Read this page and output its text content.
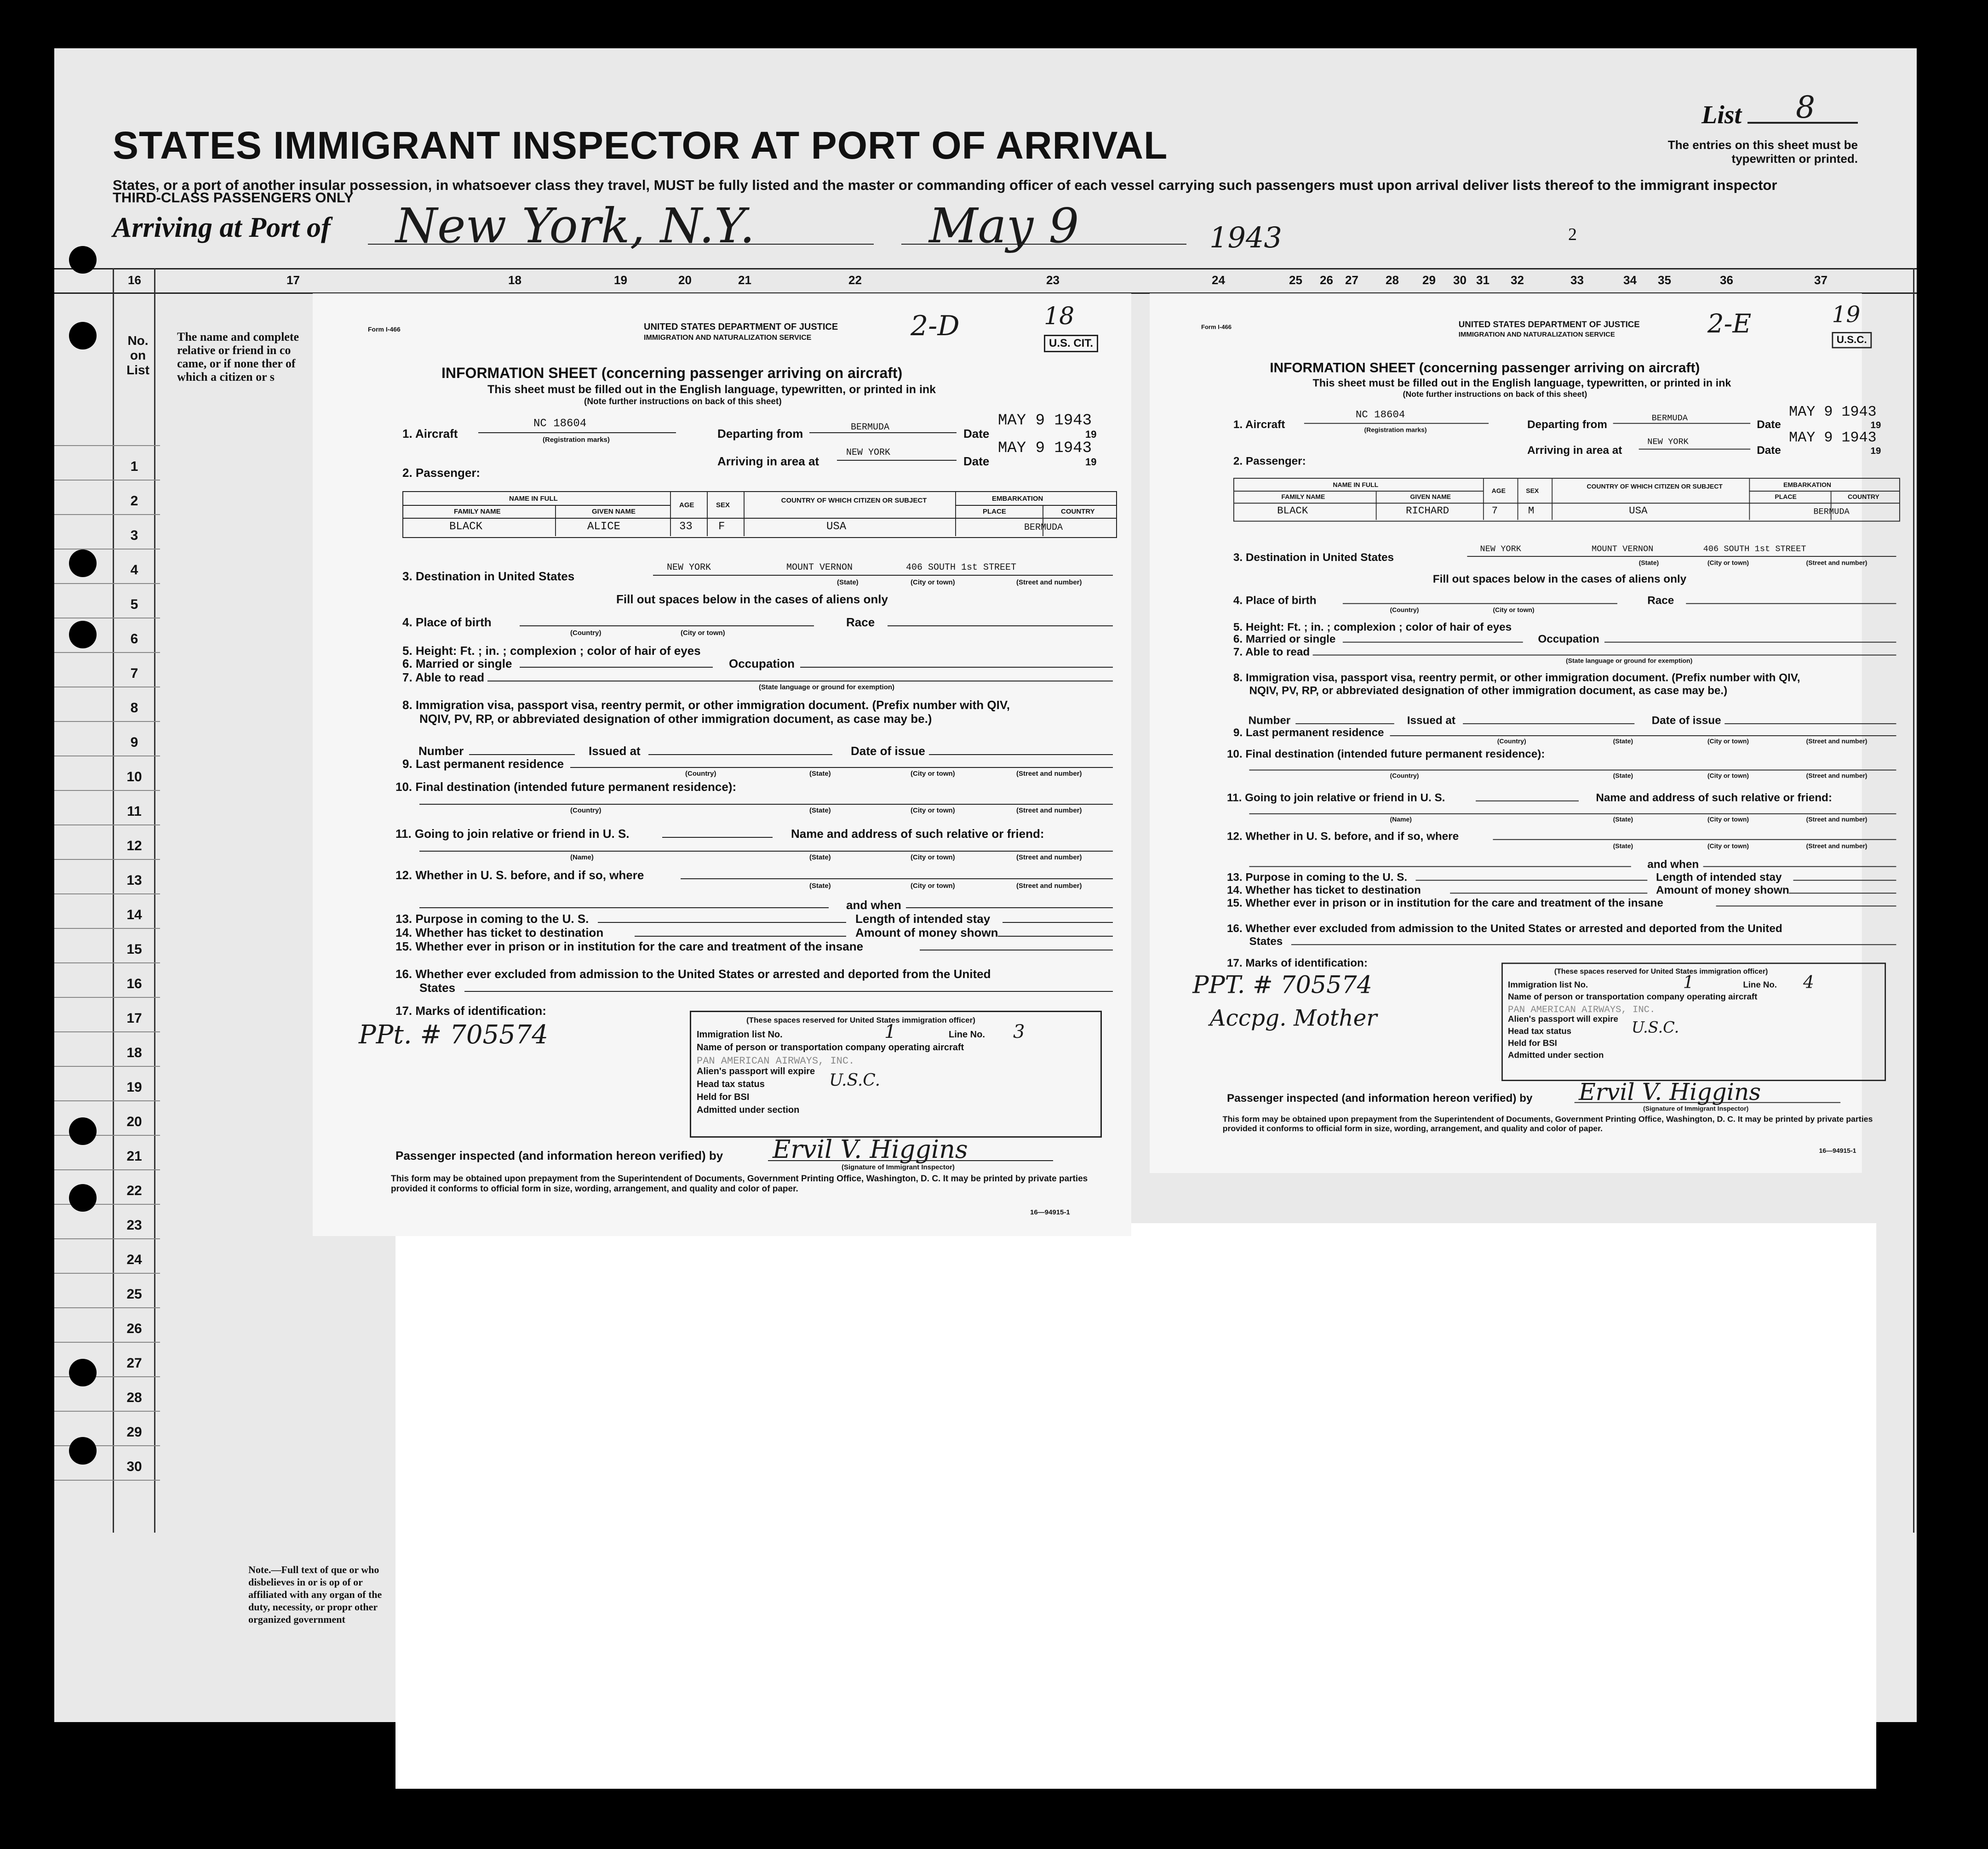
STATES IMMIGRANT INSPECTOR AT PORT OF ARRIVAL
States, or a port of another insular possession, in whatsoever class they travel, MUST be fully listed and the master or commanding officer of each vessel carrying such passengers must upon arrival deliver lists thereof to the immigrant inspector
THIRD-CLASS PASSENGERS ONLY
Arriving at Port of New York, N.Y.	May 9	1943	2
List 8
The entries on this sheet must be typewritten or printed.
16	17	18	19	20	21	22	23	24	25 26 27 28 29 30 31 32	33	34 35	36	37
No. on List
The name and complete relative or friend in co came, or if none ther of which a citizen or s
1
2
3
4
5
6
7
8
9
10
11
12
13
14
15
16
17
18
19
20
21
22
23
24
25
26
27
28
29
30
Note.—Full text of que or who disbelieves in or is op of or affiliated with any organ of the duty, necessity, or propr other organized government
Form I-466	UNITED STATES DEPARTMENT OF JUSTICE
IMMIGRATION AND NATURALIZATION SERVICE	2-D	18
U.S. CIT.
INFORMATION SHEET (concerning passenger arriving on aircraft)
This sheet must be filled out in the English language, typewritten, or printed in ink
(Note further instructions on back of this sheet)
1. Aircraft
NC 18604
(Registration marks)	Departing from	BERMUDA	Date
MAY 9 1943
19
Arriving in area at
NEW YORK
Date
MAY 9 1943
19
2. Passenger:
NAME IN FULL
FAMILY NAME	GIVEN NAME
AGE	SEX
COUNTRY OF WHICH CITIZEN OR SUBJECT	EMBARKATION
PLACE	COUNTRY
BLACK	ALICE	33 F	USA	BERMUDA
3. Destination in United States
NEW YORK	MOUNT VERNON	406 SOUTH 1st STREET
(State)	(City or town)	(Street and number)
Fill out spaces below in the cases of aliens only
4. Place of birth
(Country)	(City or town)
Race
5. Height: Ft. ; in. ; complexion ; color of hair of eyes
6. Married or single	Occupation
7. Able to read
(State language or ground for exemption)
8. Immigration visa, passport visa, reentry permit, or other immigration document. (Prefix number with QIV,
NQIV, PV, RP, or abbreviated designation of other immigration document, as case may be.)
Number	Issued at	Date of issue
9. Last permanent residence
(Country)	(State)	(City or town)	(Street and number)
10. Final destination (intended future permanent residence):
(Country)	(State)	(City or town)	(Street and number)
11. Going to join relative or friend in U. S.	Name and address of such relative or friend:
(Name)	(State)	(City or town)	(Street and number)
12. Whether in U. S. before, and if so, where
(State)	(City or town)	(Street and number)
and when
13. Purpose in coming to the U. S.	Length of intended stay
14. Whether has ticket to destination	Amount of money shown
15. Whether ever in prison or in institution for the care and treatment of the insane
16. Whether ever excluded from admission to the United States or arrested and deported from the United
States
17. Marks of identification:
PPt. # 705574	(These spaces reserved for United States immigration officer)
Immigration list No.	1	Line No. 3
Name of person or transportation company operating aircraft
PAN AMERICAN AIRWAYS, INC.
Alien's passport will expire
Head tax status	U.S.C.
Held for BSI
Admitted under section
Passenger inspected (and information hereon verified) by Ervil V. Higgins
(Signature of Immigrant Inspector)
This form may be obtained upon prepayment from the Superintendent of Documents, Government Printing Office, Washington, D. C. It may be printed by private parties provided it conforms to official form in size, wording, arrangement, and quality and color of paper.
16—94915-1
Form I-466	UNITED STATES DEPARTMENT OF JUSTICE
IMMIGRATION AND NATURALIZATION SERVICE	2-E	19
U.S.C.
INFORMATION SHEET (concerning passenger arriving on aircraft)
This sheet must be filled out in the English language, typewritten, or printed in ink
(Note further instructions on back of this sheet)
1. Aircraft
NC 18604
(Registration marks)	Departing from	BERMUDA	Date
MAY 9 1943
19
Arriving in area at
NEW YORK
Date
MAY 9 1943
19
2. Passenger:
NAME IN FULL
FAMILY NAME	GIVEN NAME
AGE	SEX
COUNTRY OF WHICH CITIZEN OR SUBJECT	EMBARKATION
PLACE	COUNTRY
BLACK	RICHARD	7	M	USA	BERMUDA
3. Destination in United States
NEW YORK	MOUNT VERNON	406 SOUTH 1st STREET
(State)	(City or town)	(Street and number)
Fill out spaces below in the cases of aliens only
4. Place of birth
(Country)	(City or town)
Race
5. Height: Ft. ; in. ; complexion ; color of hair of eyes
6. Married or single	Occupation
7. Able to read
(State language or ground for exemption)
8. Immigration visa, passport visa, reentry permit, or other immigration document. (Prefix number with QIV,
NQIV, PV, RP, or abbreviated designation of other immigration document, as case may be.)
Number	Issued at	Date of issue
9. Last permanent residence
(Country)	(State)	(City or town)	(Street and number)
10. Final destination (intended future permanent residence):
(Country)	(State)	(City or town)	(Street and number)
11. Going to join relative or friend in U. S.	Name and address of such relative or friend:
(Name)	(State)	(City or town)	(Street and number)
12. Whether in U. S. before, and if so, where
(State)	(City or town)	(Street and number)
and when
13. Purpose in coming to the U. S.	Length of intended stay
14. Whether has ticket to destination	Amount of money shown
15. Whether ever in prison or in institution for the care and treatment of the insane
16. Whether ever excluded from admission to the United States or arrested and deported from the United
States
17. Marks of identification:
PPT. # 705574
Accpg. Mother
(These spaces reserved for United States immigration officer)
Immigration list No.	1	Line No. 4
Name of person or transportation company operating aircraft
PAN AMERICAN AIRWAYS, INC.
Alien's passport will expire
Head tax status	U.S.C.
Held for BSI
Admitted under section
Passenger inspected (and information hereon verified) by Ervil V. Higgins
(Signature of Immigrant Inspector)
This form may be obtained upon prepayment from the Superintendent of Documents, Government Printing Office, Washington, D. C. It may be printed by private parties provided it conforms to official form in size, wording, arrangement, and quality and color of paper.
16—94915-1
